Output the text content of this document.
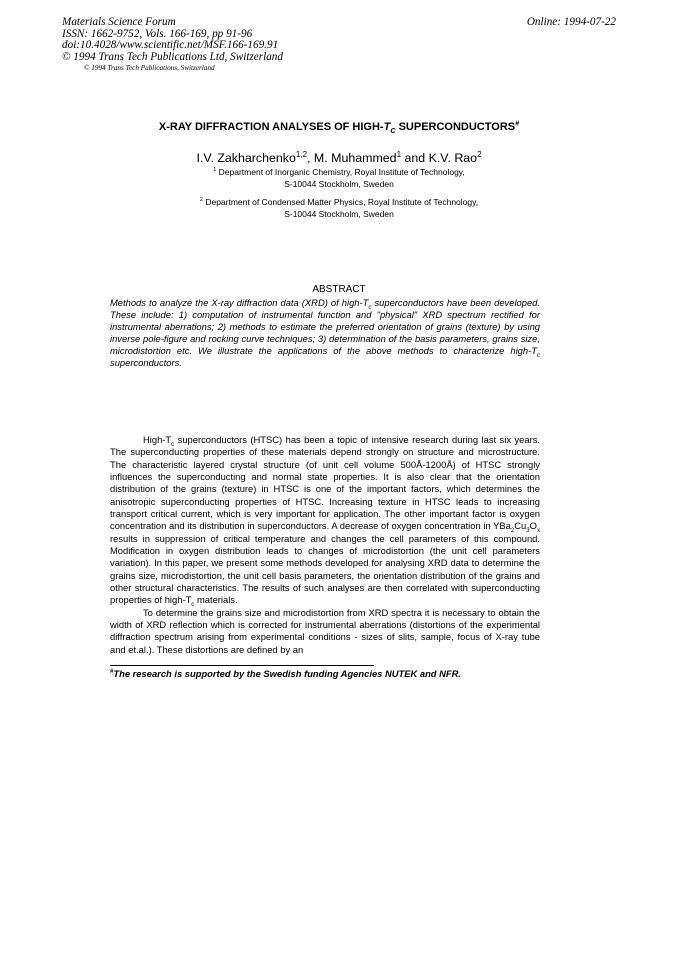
Materials Science Forum
ISSN: 1662-9752, Vols. 166-169, pp 91-96
doi:10.4028/www.scientific.net/MSF.166-169.91
© 1994 Trans Tech Publications Ltd, Switzerland
© 1994 Trans Tech Publications, Switzerland
Online: 1994-07-22
X-RAY DIFFRACTION ANALYSES OF HIGH-$T_C$ SUPERCONDUCTORS#
I.V. Zakharchenko$^{1,2}$, M. Muhammed$^1$ and K.V. Rao$^2$
$^1$ Department of Inorganic Chemistry, Royal Institute of Technology,
S-10044 Stockholm, Sweden
$^2$ Department of Condensed Matter Physics, Royal Institute of Technology,
S-10044 Stockholm, Sweden
ABSTRACT
Methods to analyze the X-ray diffraction data (XRD) of high-$T_c$ superconductors have been developed. These include: 1) computation of instrumental function and "physical" XRD spectrum rectified for instrumental aberrations; 2) methods to estimate the preferred orientation of grains (texture) by using inverse pole-figure and rocking curve techniques; 3) determination of the basis parameters, grains size, microdistortion etc. We illustrate the applications of the above methods to characterize high-$T_c$ superconductors.

High-$T_c$ superconductors (HTSC) has been a topic of intensive research during last six years. The superconducting properties of these materials depend strongly on structure and microstructure. The characteristic layered crystal structure (of unit cell volume 500Å-1200Å) of HTSC strongly influences the superconducting and normal state properties. It is also clear that the orientation distribution of the grains (texture) in HTSC is one of the important factors, which determines the anisotropic superconducting properties of HTSC. Increasing texture in HTSC leads to increasing transport critical current, which is very important for application. The other important factor is oxygen concentration and its distribution in superconductors. A decrease of oxygen concentration in $YBa_2Cu_3O_x$ results in suppression of critical temperature and changes the cell parameters of this compound. Modification in oxygen distribution leads to changes of microdistortion (the unit cell parameters variation). In this paper, we present some methods developed for analysing XRD data to determine the grains size, microdistortion, the unit cell basis parameters, the orientation distribution of the grains and other structural characteristics. The results of such analyses are then correlated with superconducting properties of high-$T_c$ materials.

To determine the grains size and microdistortion from XRD spectra it is necessary to obtain the width of XRD reflection which is corrected for instrumental aberrations (distortions of the experimental diffraction spectrum arising from experimental conditions - sizes of slits, sample, focus of X-ray tube and et.al.). These distortions are defined by an

#The research is supported by the Swedish funding Agencies NUTEK and NFR.
